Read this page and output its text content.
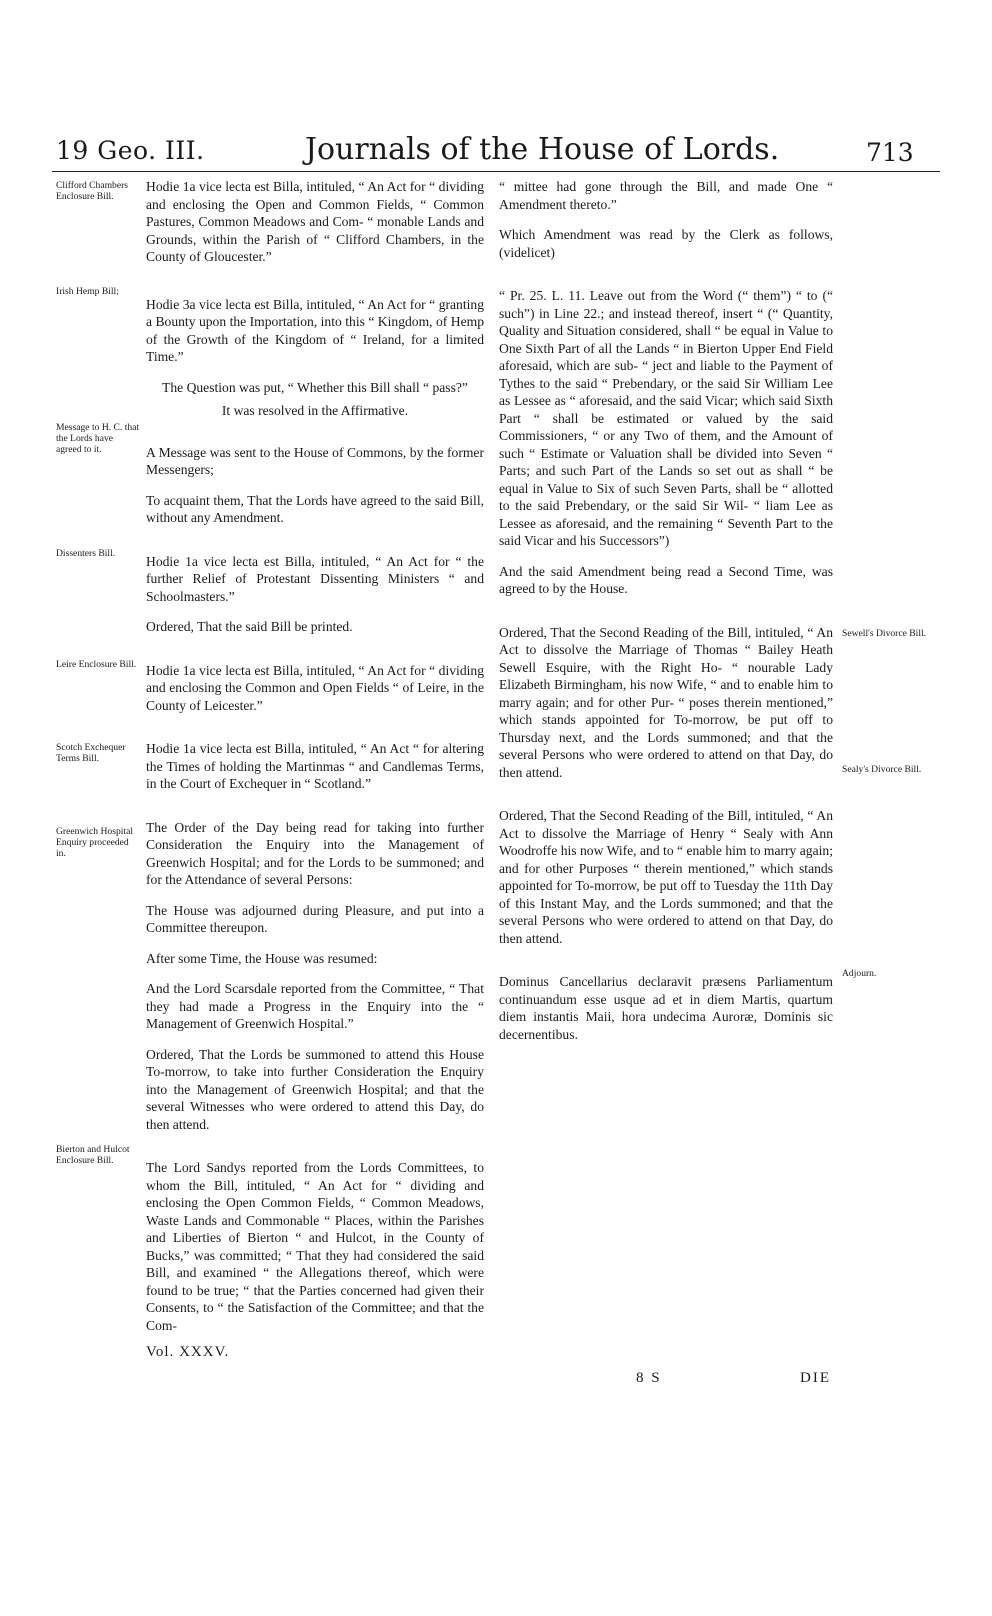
19 Geo. III.	Journals of the House of Lords.	713
Clifford Chambers Enclosure Bill.
Irish Hemp Bill;
Message to H. C. that the Lords have agreed to it.
Dissenters Bill.
Leire Enclosure Bill.
Scotch Exchequer Terms Bill.
Greenwich Hospital Enquiry proceeded in.
Bierton and Hulcot Enclosure Bill.
Sewell's Divorce Bill.
Sealy's Divorce Bill.
Adjourn.

Hodie 1a vice lecta est Billa, intituled, “ An Act for “ dividing and enclosing the Open and Common Fields, “ Common Pastures, Common Meadows and Com- “ monable Lands and Grounds, within the Parish of “ Clifford Chambers, in the County of Gloucester.”

Hodie 3a vice lecta est Billa, intituled, “ An Act for “ granting a Bounty upon the Importation, into this “ Kingdom, of Hemp of the Growth of the Kingdom of “ Ireland, for a limited Time.”

The Question was put, “ Whether this Bill shall “ pass?”

It was resolved in the Affirmative.

A Message was sent to the House of Commons, by the former Messengers;

To acquaint them, That the Lords have agreed to the said Bill, without any Amendment.

Hodie 1a vice lecta est Billa, intituled, “ An Act for “ the further Relief of Protestant Dissenting Ministers “ and Schoolmasters.”

Ordered, That the said Bill be printed.

Hodie 1a vice lecta est Billa, intituled, “ An Act for “ dividing and enclosing the Common and Open Fields “ of Leire, in the County of Leicester.”

Hodie 1a vice lecta est Billa, intituled, “ An Act “ for altering the Times of holding the Martinmas “ and Candlemas Terms, in the Court of Exchequer in “ Scotland.”

The Order of the Day being read for taking into further Consideration the Enquiry into the Management of Greenwich Hospital; and for the Lords to be summoned; and for the Attendance of several Persons:

The House was adjourned during Pleasure, and put into a Committee thereupon.

After some Time, the House was resumed:

And the Lord Scarsdale reported from the Committee, “ That they had made a Progress in the Enquiry into the “ Management of Greenwich Hospital.”

Ordered, That the Lords be summoned to attend this House To-morrow, to take into further Consideration the Enquiry into the Management of Greenwich Hospital; and that the several Witnesses who were ordered to attend this Day, do then attend.

The Lord Sandys reported from the Lords Committees, to whom the Bill, intituled, “ An Act for “ dividing and enclosing the Open Common Fields, “ Common Meadows, Waste Lands and Commonable “ Places, within the Parishes and Liberties of Bierton “ and Hulcot, in the County of Bucks,” was committed; “ That they had considered the said Bill, and examined “ the Allegations thereof, which were found to be true; “ that the Parties concerned had given their Consents, to “ the Satisfaction of the Committee; and that the Com-

“ mittee had gone through the Bill, and made One “ Amendment thereto.”

Which Amendment was read by the Clerk as follows, (videlicet)

“ Pr. 25. L. 11. Leave out from the Word (“ them”) “ to (“ such”) in Line 22.; and instead thereof, insert “ (“ Quantity, Quality and Situation considered, shall “ be equal in Value to One Sixth Part of all the Lands “ in Bierton Upper End Field aforesaid, which are sub- “ ject and liable to the Payment of Tythes to the said “ Prebendary, or the said Sir William Lee as Lessee as “ aforesaid, and the said Vicar; which said Sixth Part “ shall be estimated or valued by the said Commissioners, “ or any Two of them, and the Amount of such “ Estimate or Valuation shall be divided into Seven “ Parts; and such Part of the Lands so set out as shall “ be equal in Value to Six of such Seven Parts, shall be “ allotted to the said Prebendary, or the said Sir Wil- “ liam Lee as Lessee as aforesaid, and the remaining “ Seventh Part to the said Vicar and his Successors”)

And the said Amendment being read a Second Time, was agreed to by the House.

Ordered, That the Second Reading of the Bill, intituled, “ An Act to dissolve the Marriage of Thomas “ Bailey Heath Sewell Esquire, with the Right Ho- “ nourable Lady Elizabeth Birmingham, his now Wife, “ and to enable him to marry again; and for other Pur- “ poses therein mentioned,” which stands appointed for To-morrow, be put off to Thursday next, and the Lords summoned; and that the several Persons who were ordered to attend on that Day, do then attend.

Ordered, That the Second Reading of the Bill, intituled, “ An Act to dissolve the Marriage of Henry “ Sealy with Ann Woodroffe his now Wife, and to “ enable him to marry again; and for other Purposes “ therein mentioned,” which stands appointed for To-morrow, be put off to Tuesday the 11th Day of this Instant May, and the Lords summoned; and that the several Persons who were ordered to attend on that Day, do then attend.

Dominus Cancellarius declaravit præsens Parliamentum continuandum esse usque ad et in diem Martis, quartum diem instantis Maii, hora undecima Auroræ, Dominis sic decernentibus.

Vol. XXXV.
8 S	DIE
